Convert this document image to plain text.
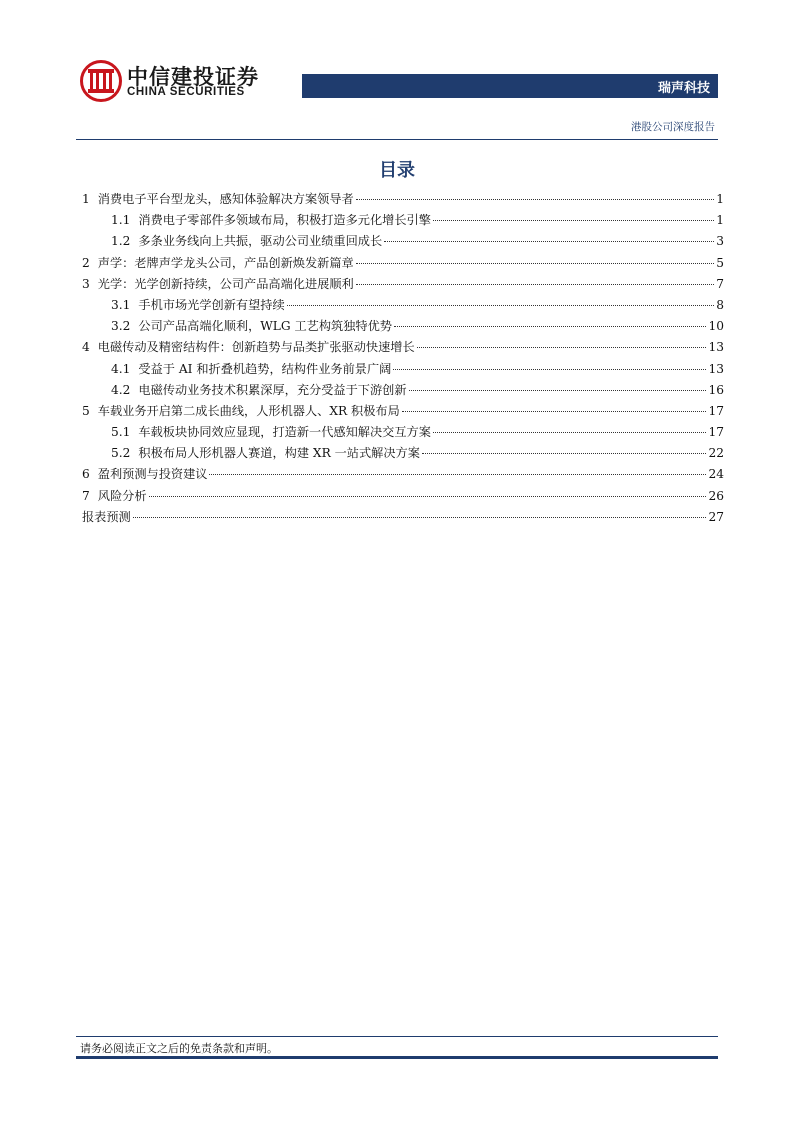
中信建投证券
CHINA SECURITIES	瑞声科技
港股公司深度报告
目录
1 消费电子平台型龙头，感知体验解决方案领导者	1
1.1 消费电子零部件多领域布局，积极打造多元化增长引擎	1
1.2 多条业务线向上共振，驱动公司业绩重回成长	3
2 声学：老牌声学龙头公司，产品创新焕发新篇章	5
3 光学：光学创新持续，公司产品高端化进展顺利	7
3.1 手机市场光学创新有望持续	8
3.2 公司产品高端化顺利，WLG 工艺构筑独特优势	10
4 电磁传动及精密结构件：创新趋势与品类扩张驱动快速增长	13
4.1 受益于 AI 和折叠机趋势，结构件业务前景广阔	13
4.2 电磁传动业务技术积累深厚，充分受益于下游创新	16
5 车载业务开启第二成长曲线，人形机器人、XR 积极布局	17
5.1 车载板块协同效应显现，打造新一代感知解决交互方案	17
5.2 积极布局人形机器人赛道，构建 XR 一站式解决方案	22
6 盈利预测与投资建议	24
7 风险分析	26
报表预测	27
请务必阅读正文之后的免责条款和声明。
